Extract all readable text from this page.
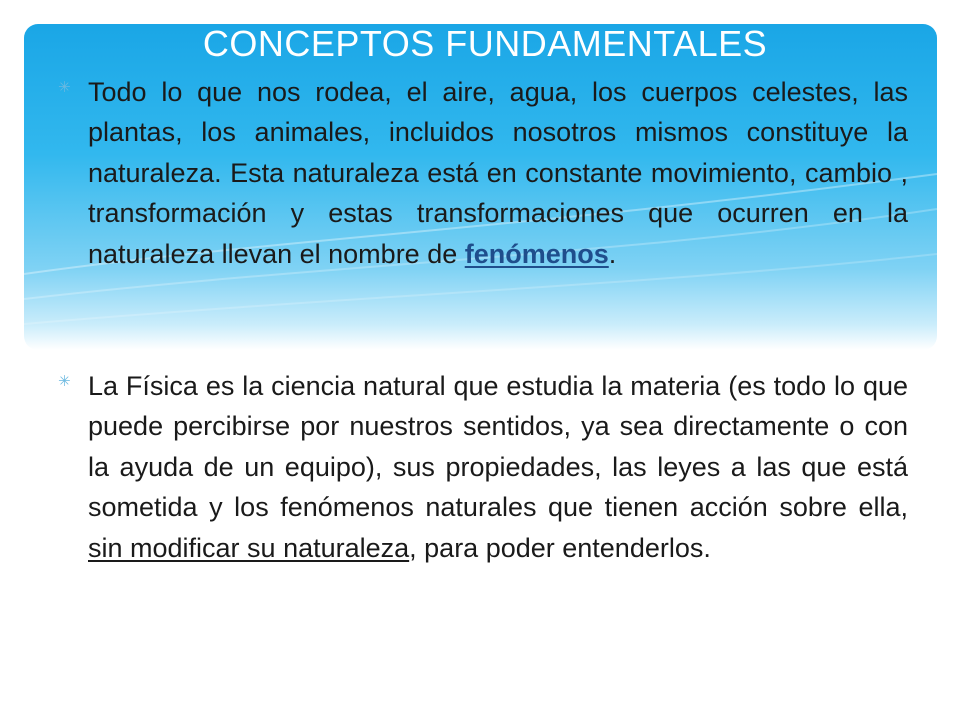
CONCEPTOS FUNDAMENTALES
✳ Todo lo que nos rodea, el aire, agua, los cuerpos celestes, las plantas, los animales, incluidos nosotros mismos constituye la naturaleza. Esta naturaleza está en constante movimiento, cambio , transformación y estas transformaciones que ocurren en la naturaleza llevan el nombre de fenómenos.
✳ La Física es la ciencia natural que estudia la materia (es todo lo que puede percibirse por nuestros sentidos, ya sea directamente o con la ayuda de un equipo), sus propiedades, las leyes a las que está sometida y los fenómenos naturales que tienen acción sobre ella, sin modificar su naturaleza, para poder entenderlos.
